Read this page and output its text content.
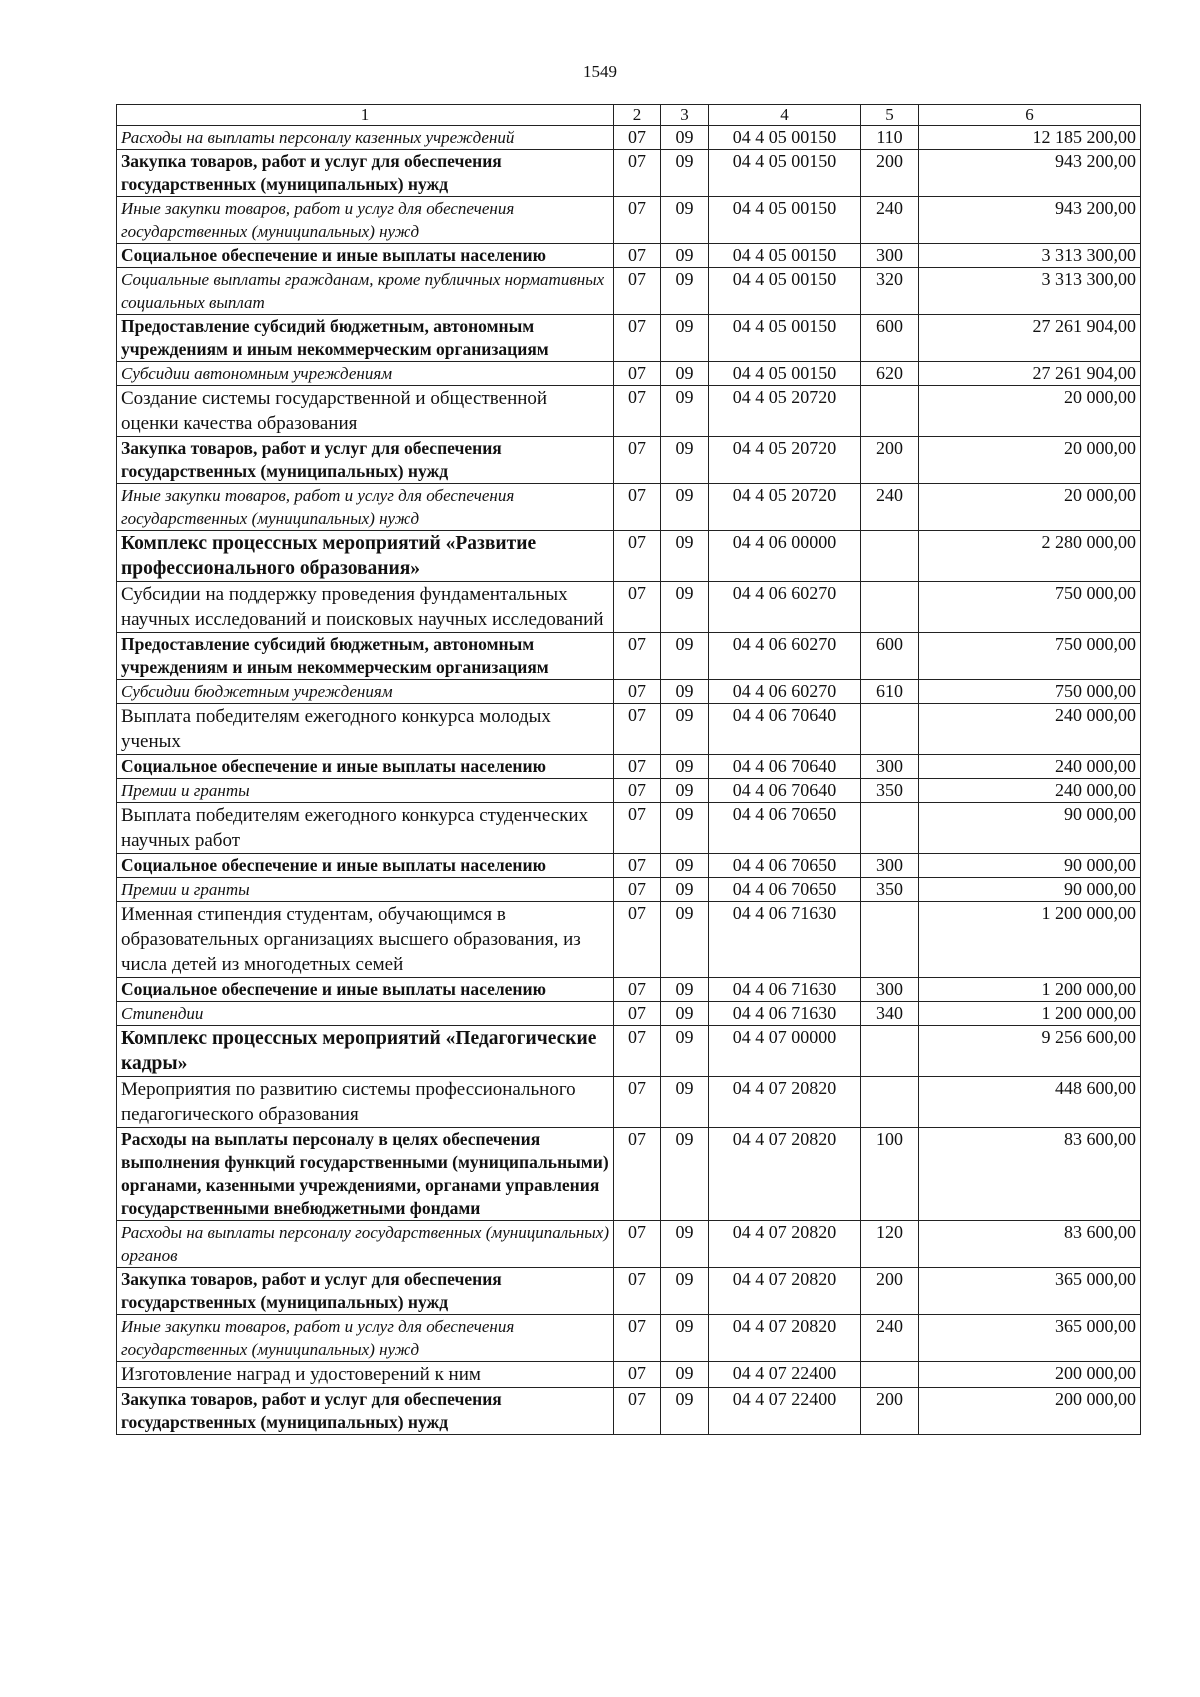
1549
1	2	3	4	5	6
Расходы на выплаты персоналу казенных учреждений	07	09	04 4 05 00150	110	12 185 200,00
Закупка товаров, работ и услуг для обеспечения государственных (муниципальных) нужд	07	09	04 4 05 00150	200	943 200,00
Иные закупки товаров, работ и услуг для обеспечения государственных (муниципальных) нужд	07	09	04 4 05 00150	240	943 200,00
Социальное обеспечение и иные выплаты населению	07	09	04 4 05 00150	300	3 313 300,00
Социальные выплаты гражданам, кроме публичных нормативных социальных выплат	07	09	04 4 05 00150	320	3 313 300,00
Предоставление субсидий бюджетным, автономным учреждениям и иным некоммерческим организациям	07	09	04 4 05 00150	600	27 261 904,00
Субсидии автономным учреждениям	07	09	04 4 05 00150	620	27 261 904,00
Создание системы государственной и общественной оценки качества образования	07	09	04 4 05 20720		20 000,00
Закупка товаров, работ и услуг для обеспечения государственных (муниципальных) нужд	07	09	04 4 05 20720	200	20 000,00
Иные закупки товаров, работ и услуг для обеспечения государственных (муниципальных) нужд	07	09	04 4 05 20720	240	20 000,00
Комплекс процессных мероприятий «Развитие профессионального образования»	07	09	04 4 06 00000		2 280 000,00
Субсидии на поддержку проведения фундаментальных научных исследований и поисковых научных исследований	07	09	04 4 06 60270		750 000,00
Предоставление субсидий бюджетным, автономным учреждениям и иным некоммерческим организациям	07	09	04 4 06 60270	600	750 000,00
Субсидии бюджетным учреждениям	07	09	04 4 06 60270	610	750 000,00
Выплата победителям ежегодного конкурса молодых ученых	07	09	04 4 06 70640		240 000,00
Социальное обеспечение и иные выплаты населению	07	09	04 4 06 70640	300	240 000,00
Премии и гранты	07	09	04 4 06 70640	350	240 000,00
Выплата победителям ежегодного конкурса студенческих научных работ	07	09	04 4 06 70650		90 000,00
Социальное обеспечение и иные выплаты населению	07	09	04 4 06 70650	300	90 000,00
Премии и гранты	07	09	04 4 06 70650	350	90 000,00
Именная стипендия студентам, обучающимся в образовательных организациях высшего образования, из числа детей из многодетных семей	07	09	04 4 06 71630		1 200 000,00
Социальное обеспечение и иные выплаты населению	07	09	04 4 06 71630	300	1 200 000,00
Стипендии	07	09	04 4 06 71630	340	1 200 000,00
Комплекс процессных мероприятий «Педагогические кадры»	07	09	04 4 07 00000		9 256 600,00
Мероприятия по развитию системы профессионального педагогического образования	07	09	04 4 07 20820		448 600,00
Расходы на выплаты персоналу в целях обеспечения выполнения функций государственными (муниципальными) органами, казенными учреждениями, органами управления государственными внебюджетными фондами	07	09	04 4 07 20820	100	83 600,00
Расходы на выплаты персоналу государственных (муниципальных) органов	07	09	04 4 07 20820	120	83 600,00
Закупка товаров, работ и услуг для обеспечения государственных (муниципальных) нужд	07	09	04 4 07 20820	200	365 000,00
Иные закупки товаров, работ и услуг для обеспечения государственных (муниципальных) нужд	07	09	04 4 07 20820	240	365 000,00
Изготовление наград и удостоверений к ним	07	09	04 4 07 22400		200 000,00
Закупка товаров, работ и услуг для обеспечения государственных (муниципальных) нужд	07	09	04 4 07 22400	200	200 000,00
